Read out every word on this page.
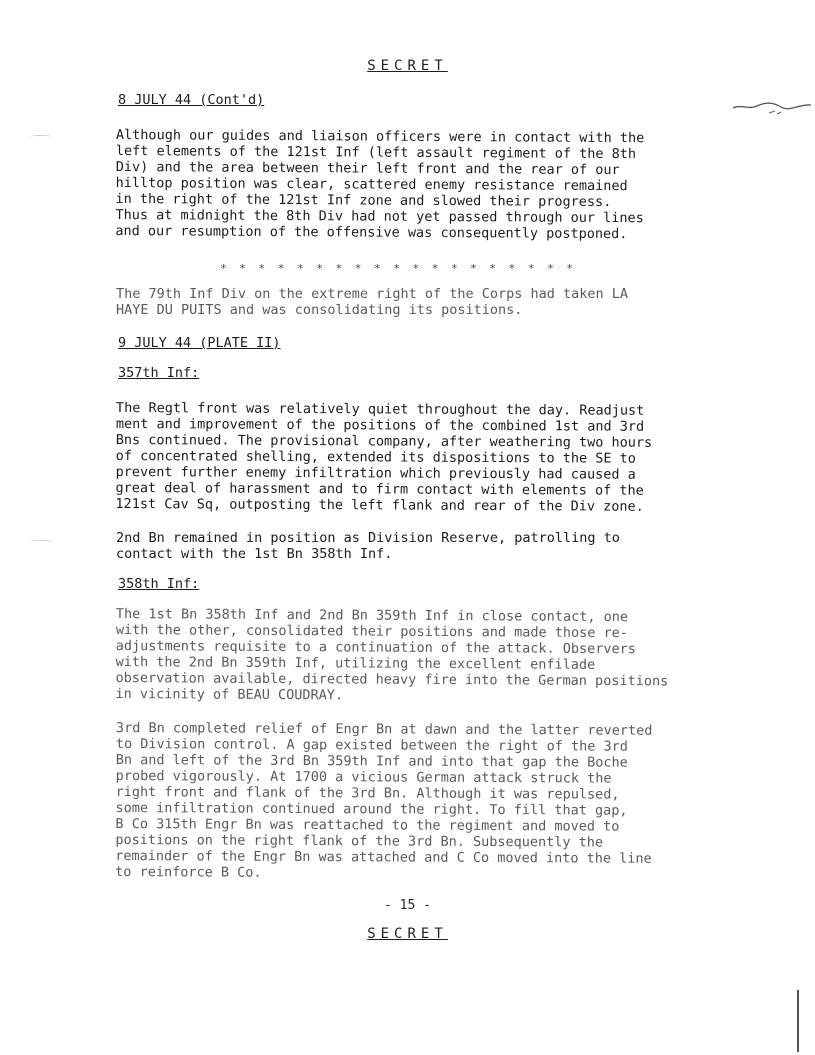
SECRET
8 JULY 44 (Cont'd)
Although our guides and liaison officers were in contact with the
left elements of the 121st Inf (left assault regiment of the 8th
Div) and the area between their left front and the rear of our
hilltop position was clear, scattered enemy resistance remained
in the right of the 121st Inf zone and slowed their progress.
Thus at midnight the 8th Div had not yet passed through our lines
and our resumption of the offensive was consequently postponed.
* * * * * * * * * * * * * * * * * * *
The 79th Inf Div on the extreme right of the Corps had taken LA
HAYE DU PUITS and was consolidating its positions.
9 JULY 44 (PLATE II)
357th Inf:
The Regtl front was relatively quiet throughout the day. Readjust
ment and improvement of the positions of the combined 1st and 3rd
Bns continued. The provisional company, after weathering two hours
of concentrated shelling, extended its dispositions to the SE to
prevent further enemy infiltration which previously had caused a
great deal of harassment and to firm contact with elements of the
121st Cav Sq, outposting the left flank and rear of the Div zone.
2nd Bn remained in position as Division Reserve, patrolling to
contact with the 1st Bn 358th Inf.
358th Inf:
The 1st Bn 358th Inf and 2nd Bn 359th Inf in close contact, one
with the other, consolidated their positions and made those re-
adjustments requisite to a continuation of the attack. Observers
with the 2nd Bn 359th Inf, utilizing the excellent enfilade
observation available, directed heavy fire into the German positions
in vicinity of BEAU COUDRAY.
3rd Bn completed relief of Engr Bn at dawn and the latter reverted
to Division control. A gap existed between the right of the 3rd
Bn and left of the 3rd Bn 359th Inf and into that gap the Boche
probed vigorously. At 1700 a vicious German attack struck the
right front and flank of the 3rd Bn. Although it was repulsed,
some infiltration continued around the right. To fill that gap,
B Co 315th Engr Bn was reattached to the regiment and moved to
positions on the right flank of the 3rd Bn. Subsequently the
remainder of the Engr Bn was attached and C Co moved into the line
to reinforce B Co.
- 15 -
SECRET
